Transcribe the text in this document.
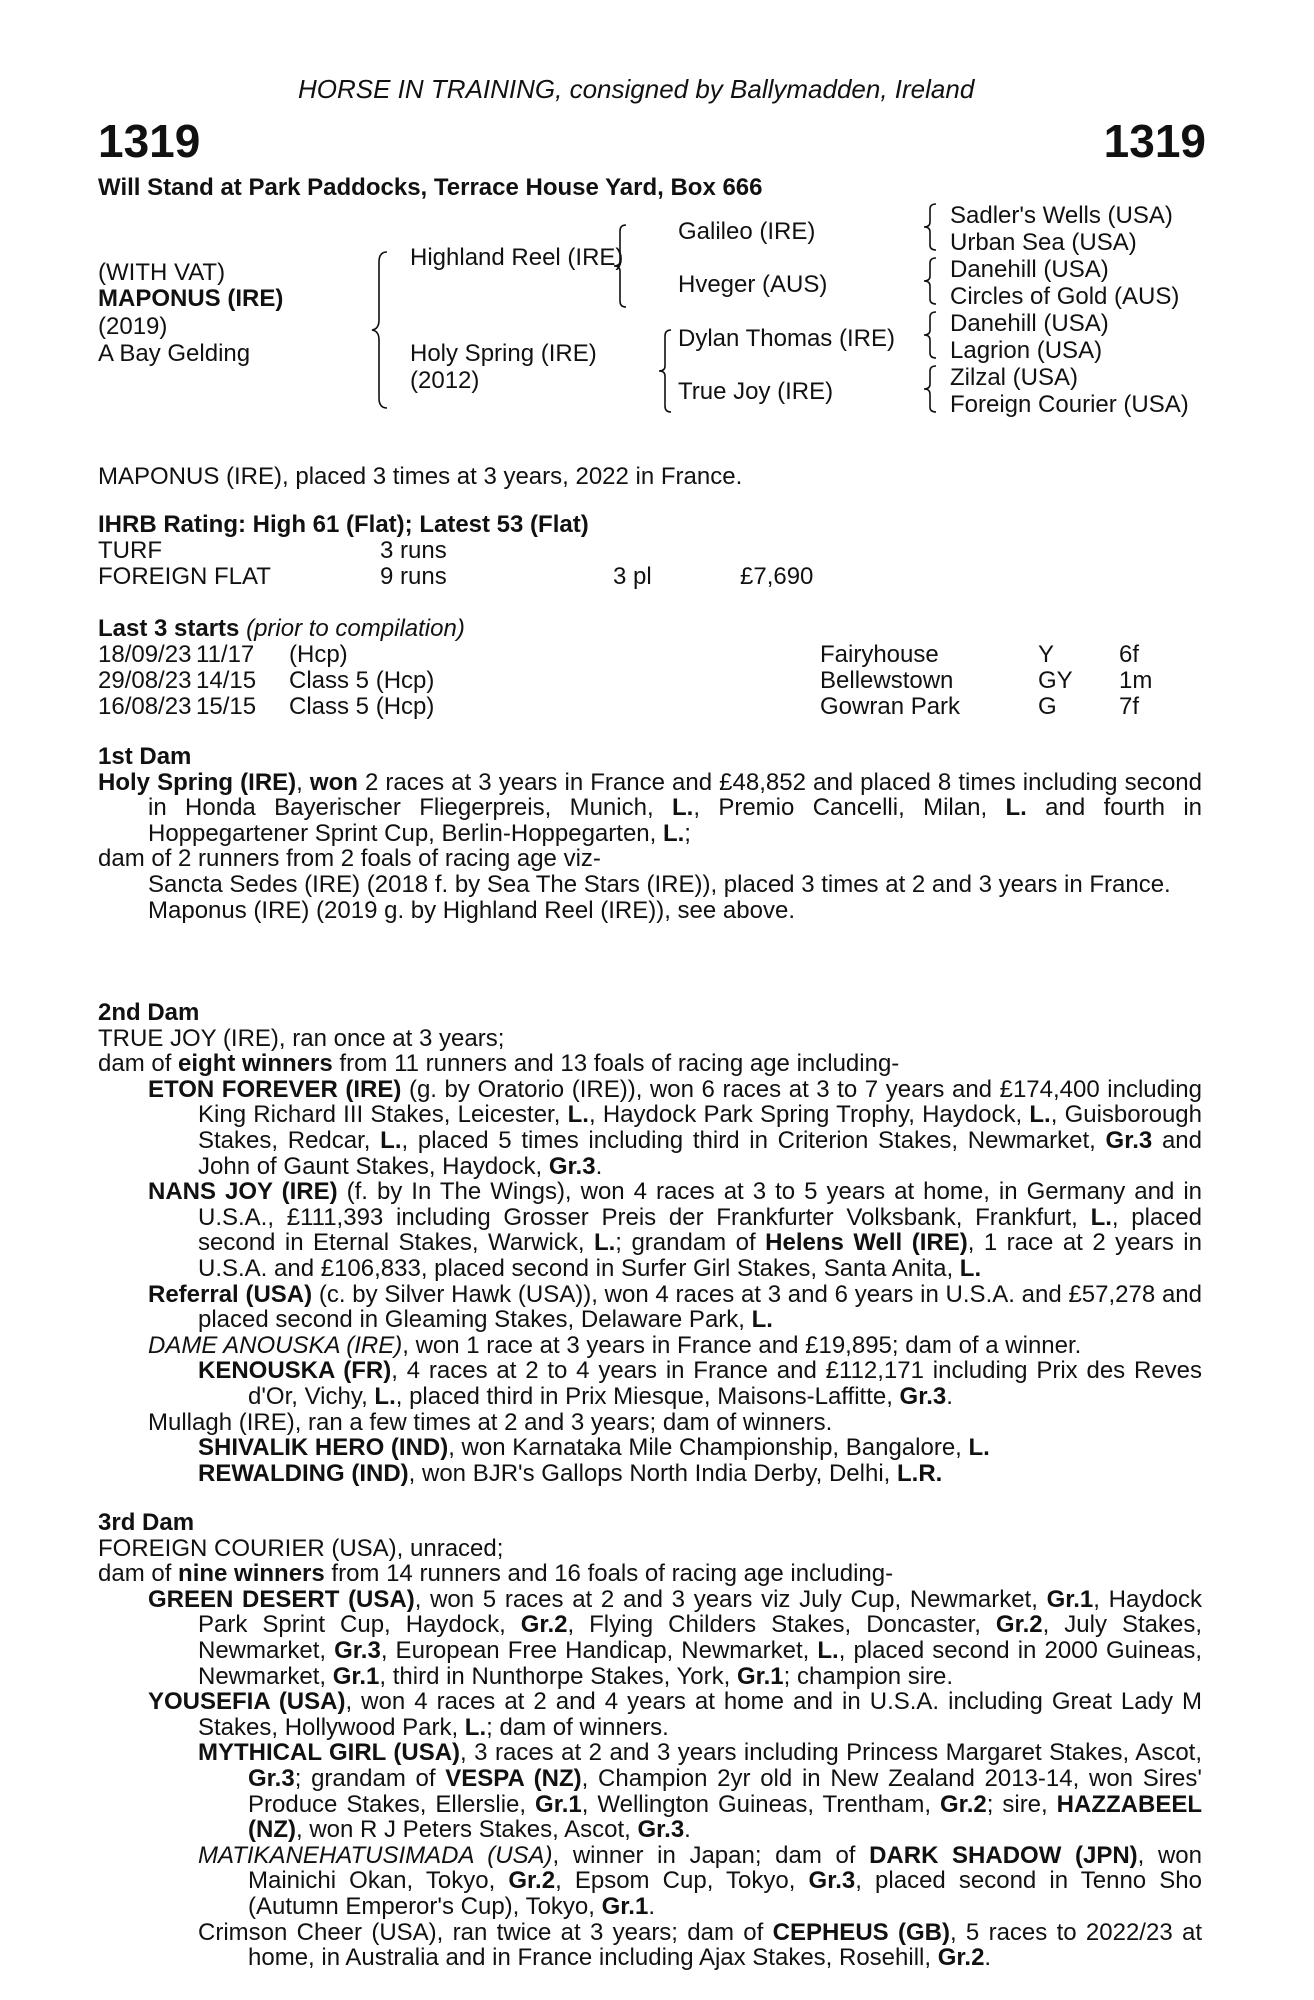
HORSE IN TRAINING, consigned by Ballymadden, Ireland
1319	1319
Will Stand at Park Paddocks, Terrace House Yard, Box 666
(WITH VAT)
MAPONUS (IRE)
(2019)
A Bay Gelding
Highland Reel (IRE)
Holy Spring (IRE)
(2012)
Galileo (IRE)
Hveger (AUS)
Dylan Thomas (IRE)
True Joy (IRE)
Sadler's Wells (USA)
Urban Sea (USA)
Danehill (USA)
Circles of Gold (AUS)
Danehill (USA)
Lagrion (USA)
Zilzal (USA)
Foreign Courier (USA)
MAPONUS (IRE), placed 3 times at 3 years, 2022 in France.
IHRB Rating: High 61 (Flat); Latest 53 (Flat)
TURF	3 runs
FOREIGN FLAT	9 runs	3 pl	£7,690
Last 3 starts (prior to compilation)
18/09/23 11/17 (Hcp)	Fairyhouse	Y	6f
29/08/23 14/15 Class 5 (Hcp)	Bellewstown	GY 1m
16/08/23 15/15 Class 5 (Hcp)	Gowran Park	G	7f

1st Dam

Holy Spring (IRE), won 2 races at 3 years in France and £48,852 and placed 8 times including second in Honda Bayerischer Fliegerpreis, Munich, L., Premio Cancelli, Milan, L. and fourth in Hoppegartener Sprint Cup, Berlin-Hoppegarten, L.;

dam of 2 runners from 2 foals of racing age viz-

Sancta Sedes (IRE) (2018 f. by Sea The Stars (IRE)), placed 3 times at 2 and 3 years in France.

Maponus (IRE) (2019 g. by Highland Reel (IRE)), see above.

2nd Dam

TRUE JOY (IRE), ran once at 3 years;

dam of eight winners from 11 runners and 13 foals of racing age including-

ETON FOREVER (IRE) (g. by Oratorio (IRE)), won 6 races at 3 to 7 years and £174,400 including King Richard III Stakes, Leicester, L., Haydock Park Spring Trophy, Haydock, L., Guisborough Stakes, Redcar, L., placed 5 times including third in Criterion Stakes, Newmarket, Gr.3 and John of Gaunt Stakes, Haydock, Gr.3.

NANS JOY (IRE) (f. by In The Wings), won 4 races at 3 to 5 years at home, in Germany and in U.S.A., £111,393 including Grosser Preis der Frankfurter Volksbank, Frankfurt, L., placed second in Eternal Stakes, Warwick, L.; grandam of Helens Well (IRE), 1 race at 2 years in U.S.A. and £106,833, placed second in Surfer Girl Stakes, Santa Anita, L.

Referral (USA) (c. by Silver Hawk (USA)), won 4 races at 3 and 6 years in U.S.A. and £57,278 and placed second in Gleaming Stakes, Delaware Park, L.

DAME ANOUSKA (IRE), won 1 race at 3 years in France and £19,895; dam of a winner.

KENOUSKA (FR), 4 races at 2 to 4 years in France and £112,171 including Prix des Reves d'Or, Vichy, L., placed third in Prix Miesque, Maisons-Laffitte, Gr.3.

Mullagh (IRE), ran a few times at 2 and 3 years; dam of winners.

SHIVALIK HERO (IND), won Karnataka Mile Championship, Bangalore, L.

REWALDING (IND), won BJR's Gallops North India Derby, Delhi, L.R.

3rd Dam

FOREIGN COURIER (USA), unraced;

dam of nine winners from 14 runners and 16 foals of racing age including-

GREEN DESERT (USA), won 5 races at 2 and 3 years viz July Cup, Newmarket, Gr.1, Haydock Park Sprint Cup, Haydock, Gr.2, Flying Childers Stakes, Doncaster, Gr.2, July Stakes, Newmarket, Gr.3, European Free Handicap, Newmarket, L., placed second in 2000 Guineas, Newmarket, Gr.1, third in Nunthorpe Stakes, York, Gr.1; champion sire.

YOUSEFIA (USA), won 4 races at 2 and 4 years at home and in U.S.A. including Great Lady M Stakes, Hollywood Park, L.; dam of winners.

MYTHICAL GIRL (USA), 3 races at 2 and 3 years including Princess Margaret Stakes, Ascot, Gr.3; grandam of VESPA (NZ), Champion 2yr old in New Zealand 2013-14, won Sires' Produce Stakes, Ellerslie, Gr.1, Wellington Guineas, Trentham, Gr.2; sire, HAZZABEEL (NZ), won R J Peters Stakes, Ascot, Gr.3.

MATIKANEHATUSIMADA (USA), winner in Japan; dam of DARK SHADOW (JPN), won Mainichi Okan, Tokyo, Gr.2, Epsom Cup, Tokyo, Gr.3, placed second in Tenno Sho (Autumn Emperor's Cup), Tokyo, Gr.1.

Crimson Cheer (USA), ran twice at 3 years; dam of CEPHEUS (GB), 5 races to 2022/23 at home, in Australia and in France including Ajax Stakes, Rosehill, Gr.2.
